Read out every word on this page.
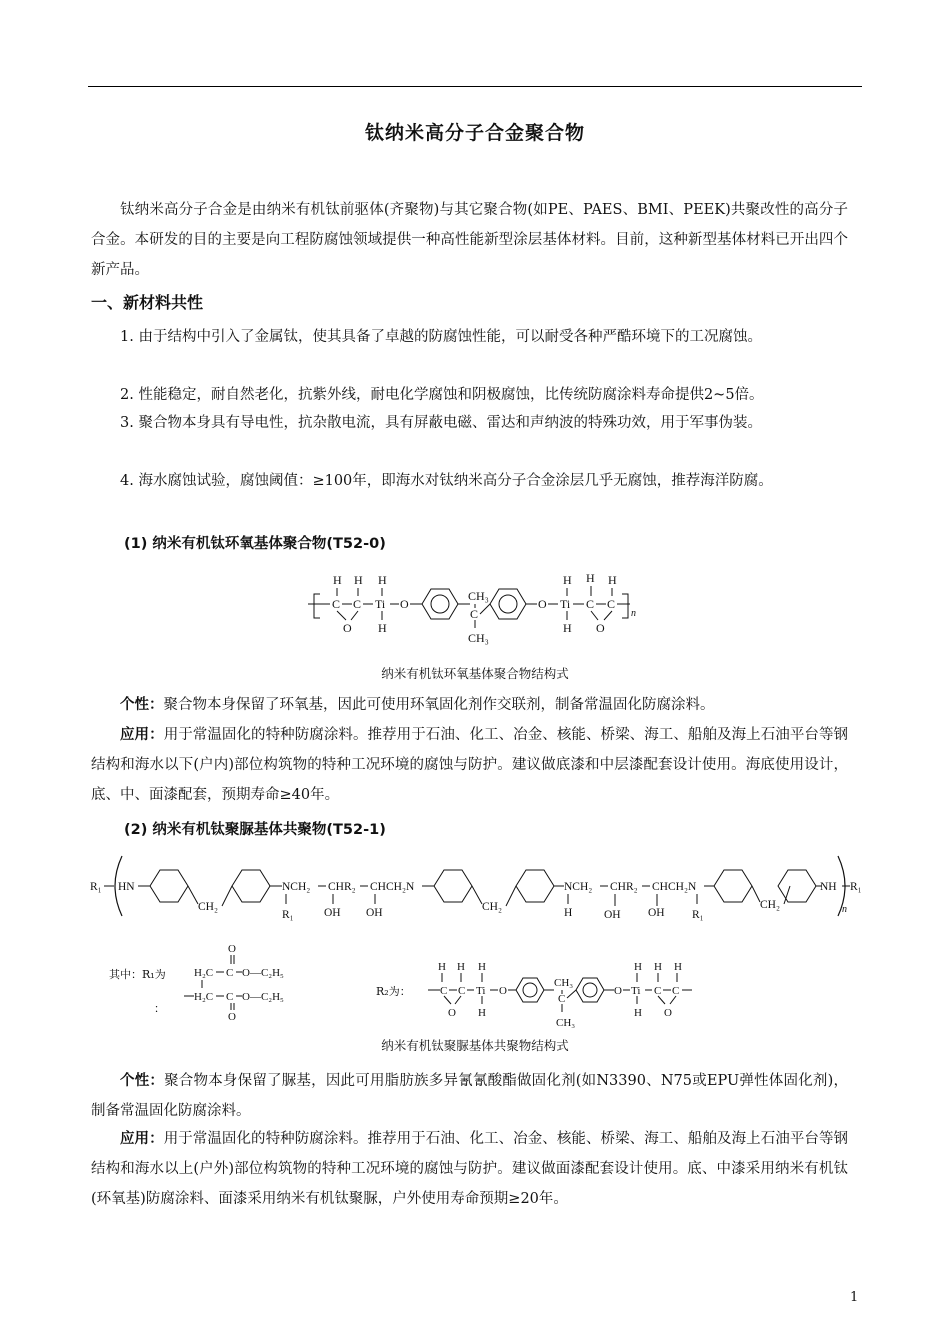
钛纳米高分子合金聚合物

钛纳米高分子合金是由纳米有机钛前驱体(齐聚物)与其它聚合物(如PE、PAES、BMI、PEEK)共聚改性的高分子合金。本研发的目的主要是向工程防腐蚀领域提供一种高性能新型涂层基体材料。目前，这种新型基体材料已开出四个新产品。

一、新材料共性

1. 由于结构中引入了金属钛，使其具备了卓越的防腐蚀性能，可以耐受各种严酷环境下的工况腐蚀。

2. 性能稳定，耐自然老化，抗紫外线，耐电化学腐蚀和阴极腐蚀，比传统防腐涂料寿命提供2~5倍。

3. 聚合物本身具有导电性，抗杂散电流，具有屏蔽电磁、雷达和声纳波的特殊功效，用于军事伪装。

4. 海水腐蚀试验，腐蚀阈值：≥100年，即海水对钛纳米高分子合金涂层几乎无腐蚀，推荐海洋防腐。

(1) 纳米有机钛环氧基体聚合物(T52-0)
H H H
C C Ti
H
O
O
CH₃
C
CH₃
O Ti
H
H
H H
C C
O
n
纳米有机钛环氧基体聚合物结构式

个性：聚合物本身保留了环氧基，因此可使用环氧固化剂作交联剂，制备常温固化防腐涂料。

应用：用于常温固化的特种防腐涂料。推荐用于石油、化工、冶金、核能、桥梁、海工、船舶及海上石油平台等钢结构和海水以下(户内)部位构筑物的特种工况环境的腐蚀与防护。建议做底漆和中层漆配套设计使用。海底使用设计，底、中、面漆配套，预期寿命≥40年。

(2) 纳米有机钛聚脲基体共聚物(T52-1)
R₁ HN
CH₂
NCH₂
R₁
CHR₂
OH
CHCH₂N
OH	CH₂
NCH₂
H
CHR₂
OH
CHCH₂N
OH R₁
CH₂
NH R₁
n
其中：R₁为
：
O
H₂C C O—C₂H₅
H₂C C O—C₂H₅
O
R₂为：
H H H
C C Ti
H
O
O
CH₃
C
CH₃
O Ti
H
H
H H
C C
O
纳米有机钛聚脲基体共聚物结构式

个性：聚合物本身保留了脲基，因此可用脂肪族多异氰氰酸酯做固化剂(如N3390、N75或EPU弹性体固化剂)，制备常温固化防腐涂料。

应用：用于常温固化的特种防腐涂料。推荐用于石油、化工、冶金、核能、桥梁、海工、船舶及海上石油平台等钢结构和海水以上(户外)部位构筑物的特种工况环境的腐蚀与防护。建议做面漆配套设计使用。底、中漆采用纳米有机钛(环氧基)防腐涂料、面漆采用纳米有机钛聚脲，户外使用寿命预期≥20年。

1
